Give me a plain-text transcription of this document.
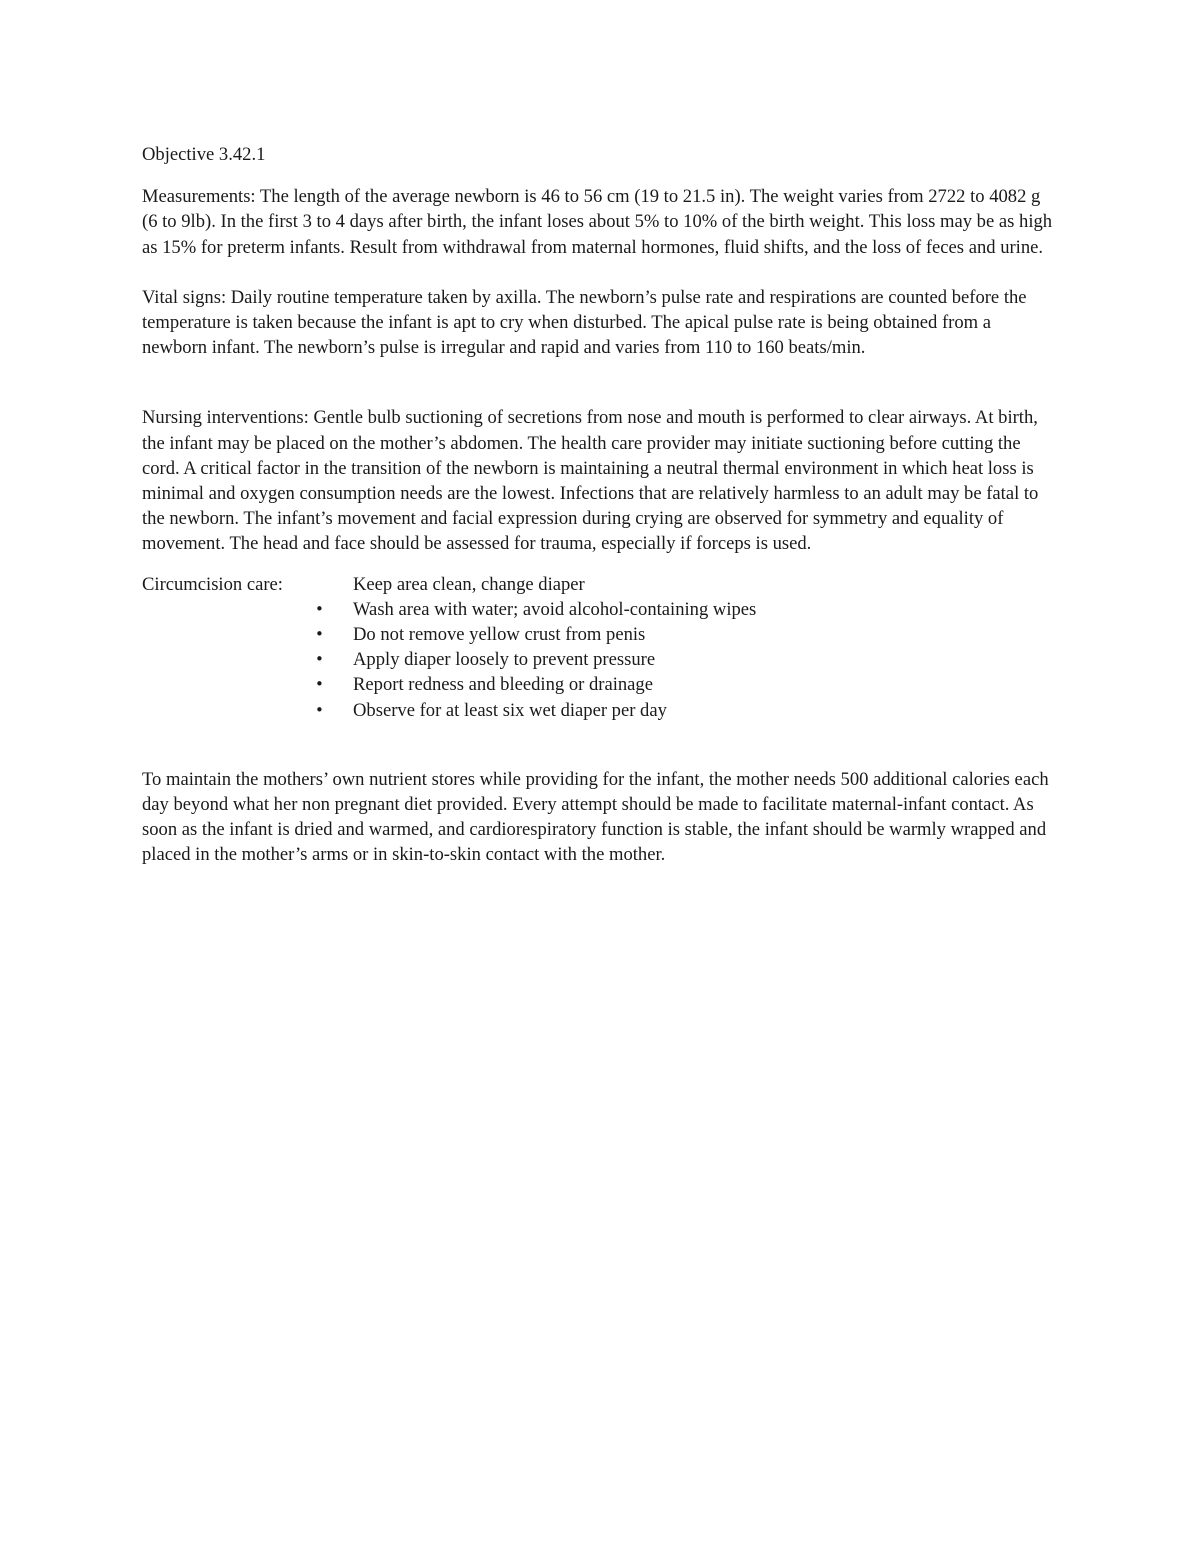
Objective 3.42.1

Measurements: The length of the average newborn is 46 to 56 cm (19 to 21.5 in). The weight varies from 2722 to 4082 g (6 to 9lb). In the first 3 to 4 days after birth, the infant loses about 5% to 10% of the birth weight. This loss may be as high as 15% for preterm infants. Result from withdrawal from maternal hormones, fluid shifts, and the loss of feces and urine.

Vital signs: Daily routine temperature taken by axilla. The newborn’s pulse rate and respirations are counted before the temperature is taken because the infant is apt to cry when disturbed. The apical pulse rate is being obtained from a newborn infant. The newborn’s pulse is irregular and rapid and varies from 110 to 160 beats/min.

Nursing interventions: Gentle bulb suctioning of secretions from nose and mouth is performed to clear airways. At birth, the infant may be placed on the mother’s abdomen. The health care provider may initiate suctioning before cutting the cord. A critical factor in the transition of the newborn is maintaining a neutral thermal environment in which heat loss is minimal and oxygen consumption needs are the lowest. Infections that are relatively harmless to an adult may be fatal to the newborn. The infant’s movement and facial expression during crying are observed for symmetry and equality of movement. The head and face should be assessed for trauma, especially if forceps is used.

Circumcision care:	Keep area clean, change diaper
• Wash area with water; avoid alcohol-containing wipes
• Do not remove yellow crust from penis
• Apply diaper loosely to prevent pressure
• Report redness and bleeding or drainage
• Observe for at least six wet diaper per day

To maintain the mothers’ own nutrient stores while providing for the infant, the mother needs 500 additional calories each day beyond what her non pregnant diet provided. Every attempt should be made to facilitate maternal-infant contact. As soon as the infant is dried and warmed, and cardiorespiratory function is stable, the infant should be warmly wrapped and placed in the mother’s arms or in skin-to-skin contact with the mother.
